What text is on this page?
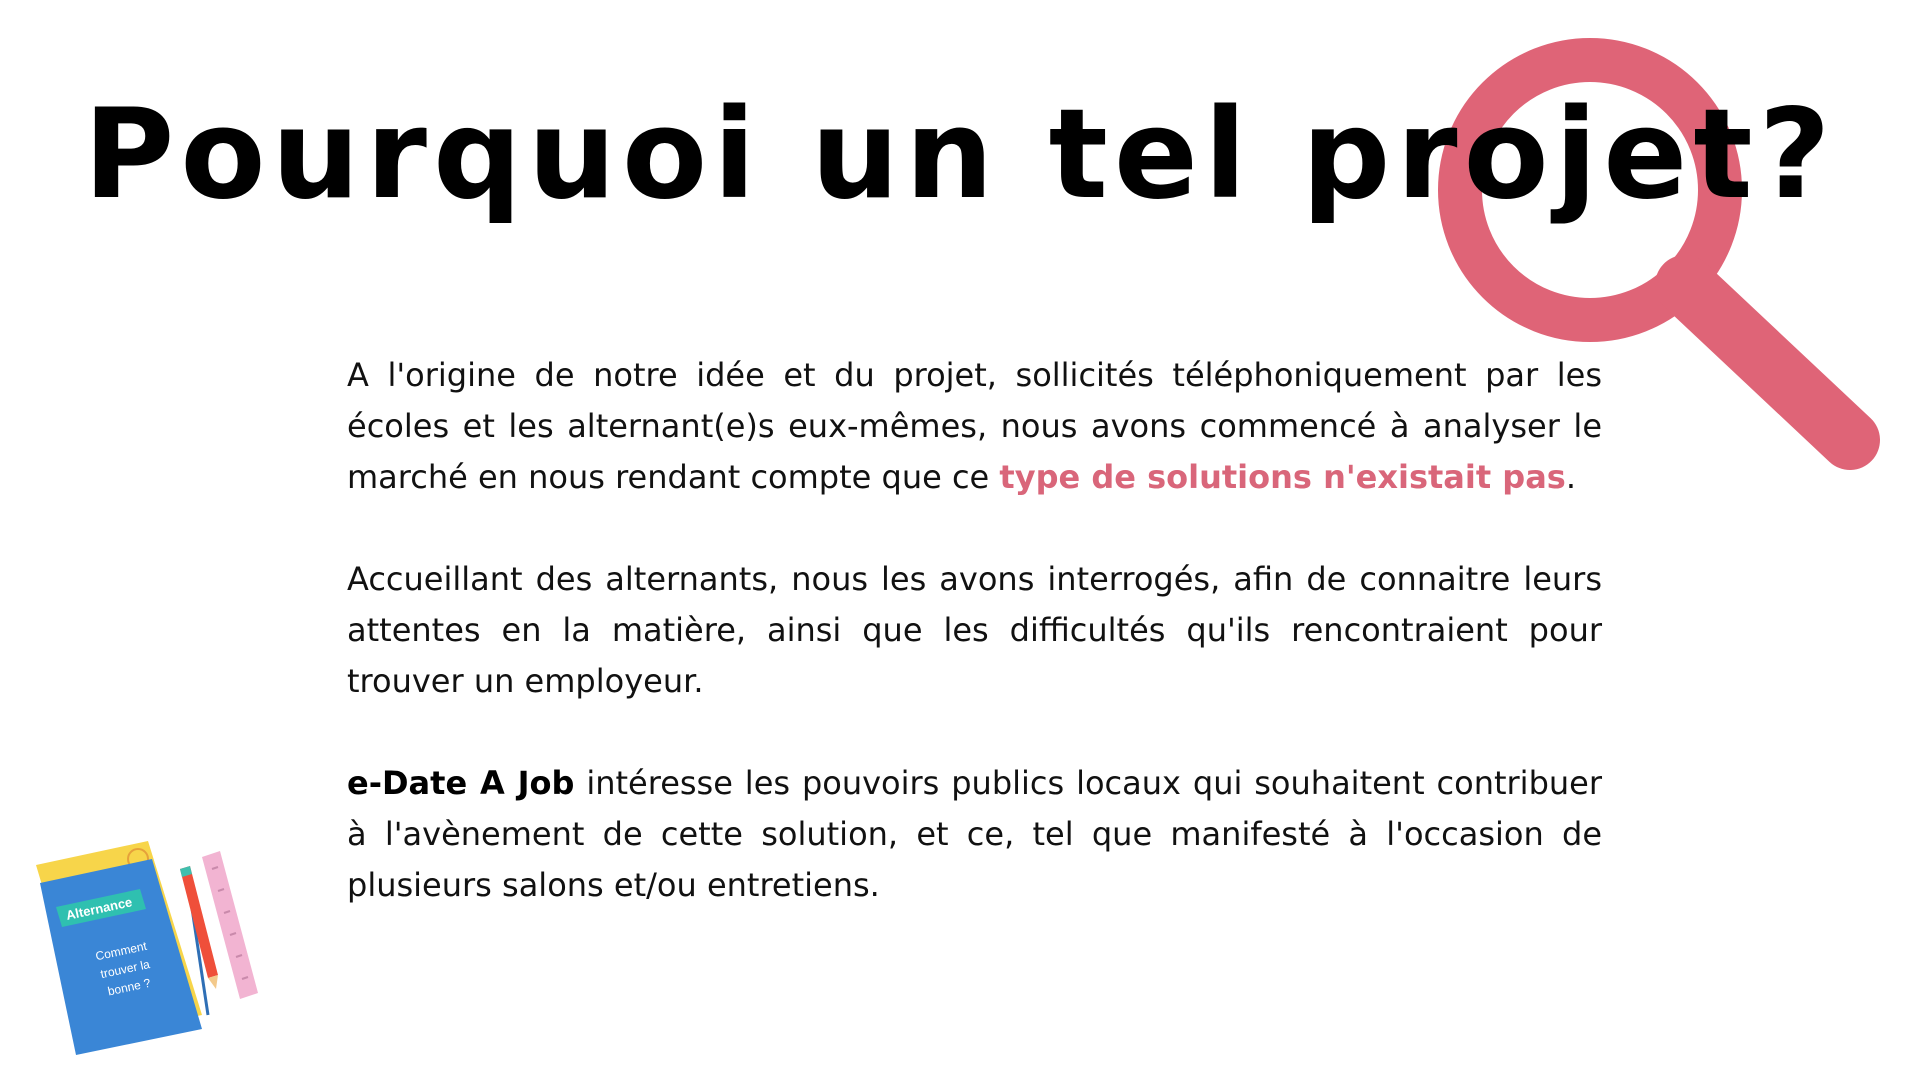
Pourquoi un tel projet?

A l'origine de notre idée et du projet, sollicités téléphoniquement par les écoles et les alternant(e)s eux-mêmes, nous avons commencé à analyser le marché en nous rendant compte que ce type de solutions n'existait pas.

Accueillant des alternants, nous les avons interrogés, afin de connaitre leurs attentes en la matière, ainsi que les difficultés qu'ils rencontraient pour trouver un employeur.

e-Date A Job intéresse les pouvoirs publics locaux qui souhaitent contribuer à l'avènement de cette solution, et ce, tel que manifesté à l'occasion de plusieurs salons et/ou entretiens.

Alternance
Comment
trouver la
bonne ?
